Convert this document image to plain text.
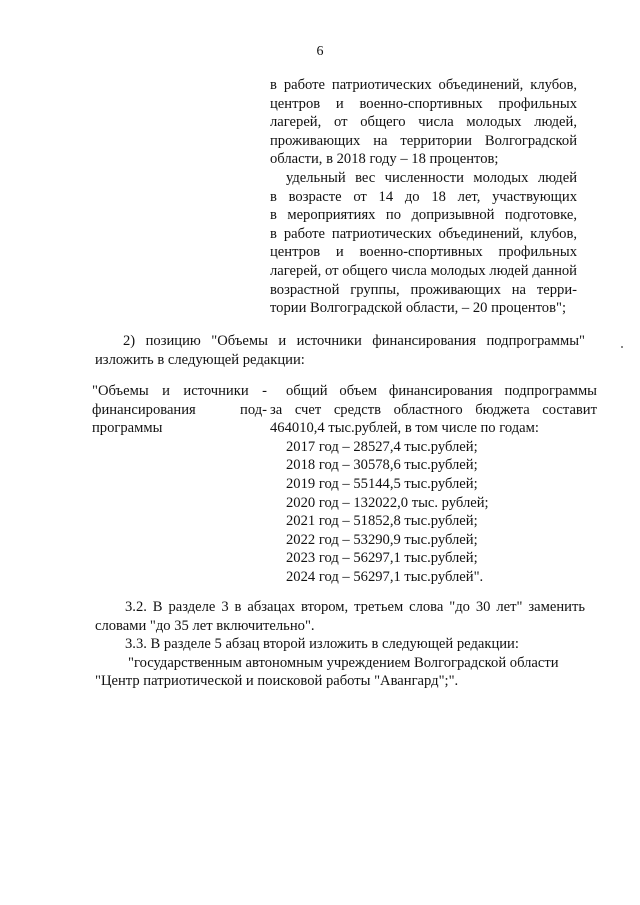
6
в работе патриотических объединений, клубов,
центров и военно-спортивных профильных
лагерей, от общего числа молодых людей,
проживающих на территории Волгоградской
области, в 2018 году – 18 процентов;
удельный вес численности молодых людей
в возрасте от 14 до 18 лет, участвующих
в мероприятиях по допризывной подготовке,
в работе патриотических объединений, клубов,
центров и военно-спортивных профильных
лагерей, от общего числа молодых людей данной
возрастной группы, проживающих на терри-
тории Волгоградской области, – 20 процентов";
2) позицию "Объемы и источники финансирования подпрограммы"
изложить в следующей редакции:
"Объемы и источники -
финансирования под-
программы
общий объем финансирования подпрограммы
за счет средств областного бюджета составит
464010,4 тыс.рублей, в том числе по годам:
2017 год – 28527,4 тыс.рублей;
2018 год – 30578,6 тыс.рублей;
2019 год – 55144,5 тыс.рублей;
2020 год – 132022,0 тыс. рублей;
2021 год – 51852,8 тыс.рублей;
2022 год – 53290,9 тыс.рублей;
2023 год – 56297,1 тыс.рублей;
2024 год – 56297,1 тыс.рублей".
3.2. В разделе 3 в абзацах втором, третьем слова "до 30 лет" заменить
словами "до 35 лет включительно".
3.3. В разделе 5 абзац второй изложить в следующей редакции:
"государственным автономным учреждением Волгоградской области
"Центр патриотической и поисковой работы "Авангард";".
